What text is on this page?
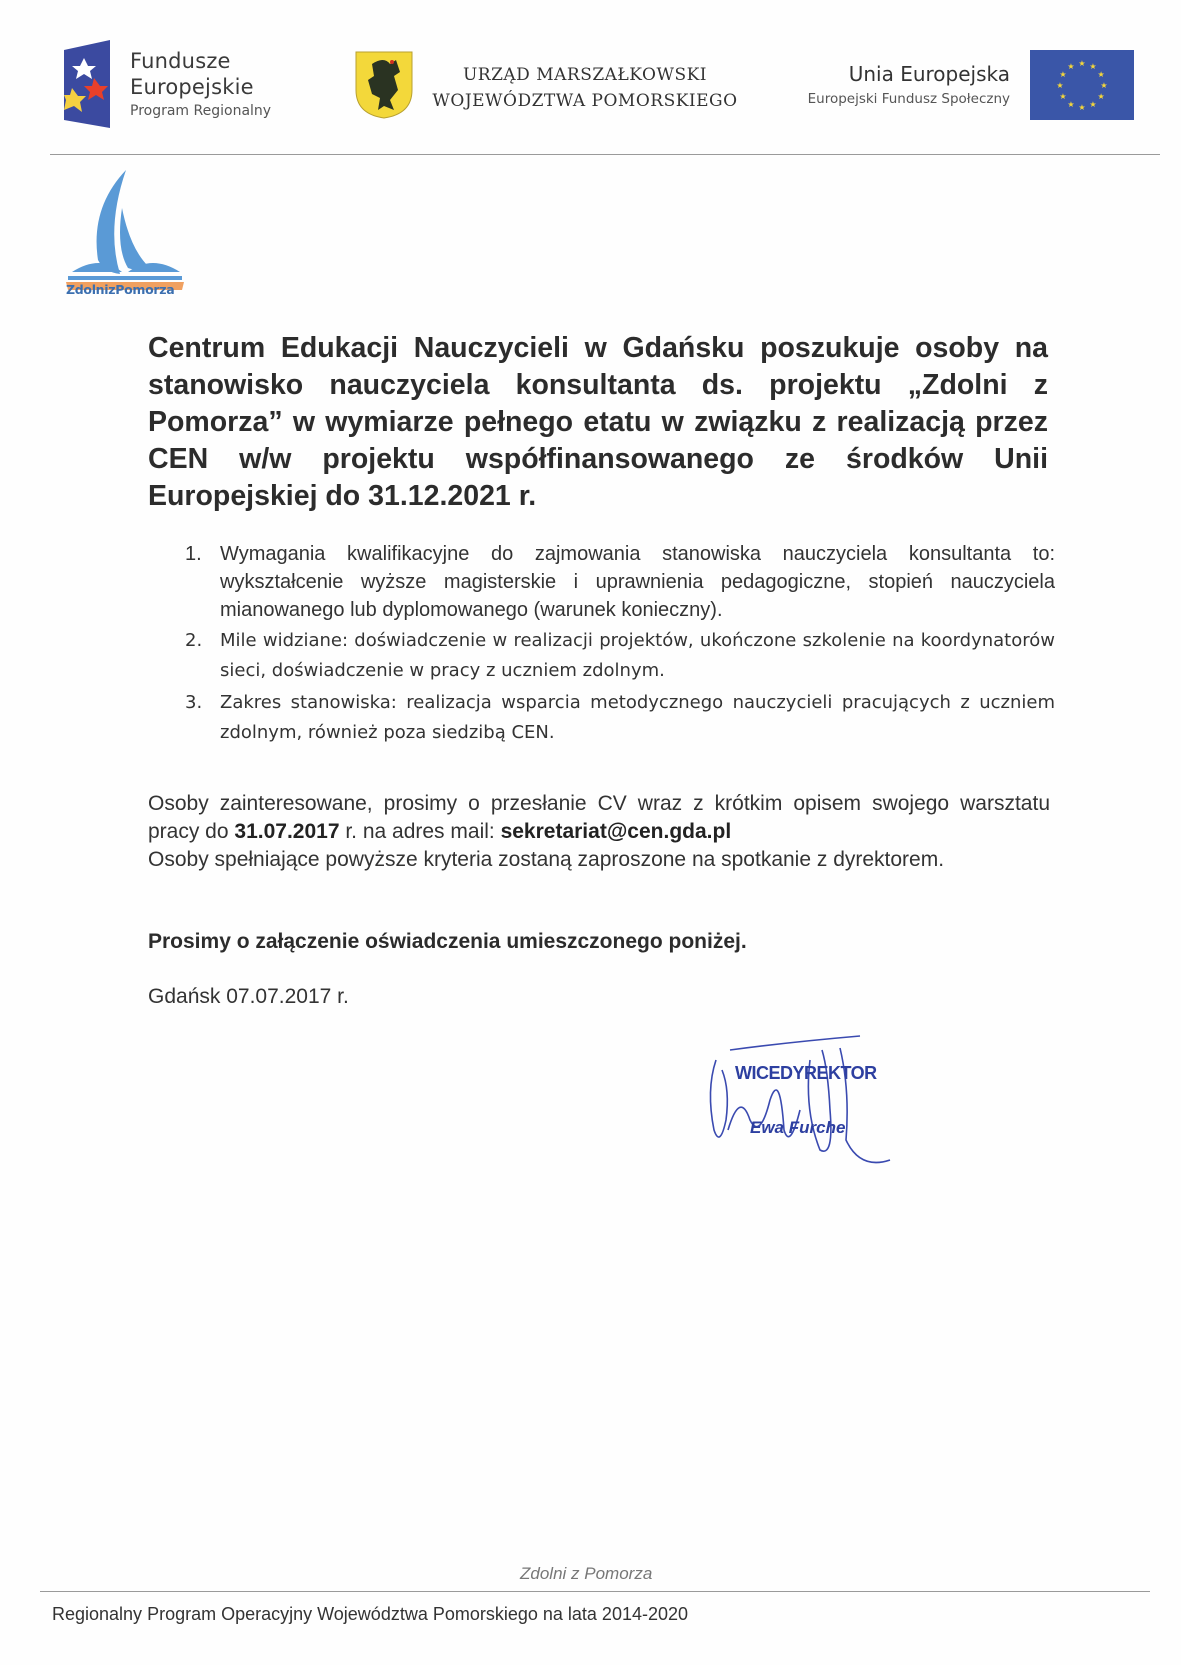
Fundusze
Europejskie
Program Regionalny
URZĄD MARSZAŁKOWSKI
WOJEWÓDZTWA POMORSKIEGO
Unia Europejska
Europejski Fundusz Społeczny
★ ★
★
★
★
★
★
★
★
★
★
★
ZdolnizPomorza
Centrum Edukacji Nauczycieli w Gdańsku poszukuje osoby na stanowisko nauczyciela konsultanta ds. projektu „Zdolni z Pomorza” w wymiarze pełnego etatu w związku z realizacją przez CEN w/w projektu współfinansowanego ze środków Unii Europejskiej do 31.12.2021 r.
1. Wymagania kwalifikacyjne do zajmowania stanowiska nauczyciela konsultanta to: wykształcenie wyższe magisterskie i uprawnienia pedagogiczne, stopień nauczyciela mianowanego lub dyplomowanego (warunek konieczny).
2. Mile widziane: doświadczenie w realizacji projektów, ukończone szkolenie na koordynatorów sieci, doświadczenie w pracy z uczniem zdolnym.
3. Zakres stanowiska: realizacja wsparcia metodycznego nauczycieli pracujących z uczniem zdolnym, również poza siedzibą CEN.
Osoby zainteresowane, prosimy o przesłanie CV wraz z krótkim opisem swojego warsztatu pracy do 31.07.2017 r. na adres mail: sekretariat@cen.gda.pl
Osoby spełniające powyższe kryteria zostaną zaproszone na spotkanie z dyrektorem.
Prosimy o załączenie oświadczenia umieszczonego poniżej.
Gdańsk 07.07.2017 r.
WICEDYREKTOR
Ewa Furche
Zdolni z Pomorza
Regionalny Program Operacyjny Województwa Pomorskiego na lata 2014-2020
